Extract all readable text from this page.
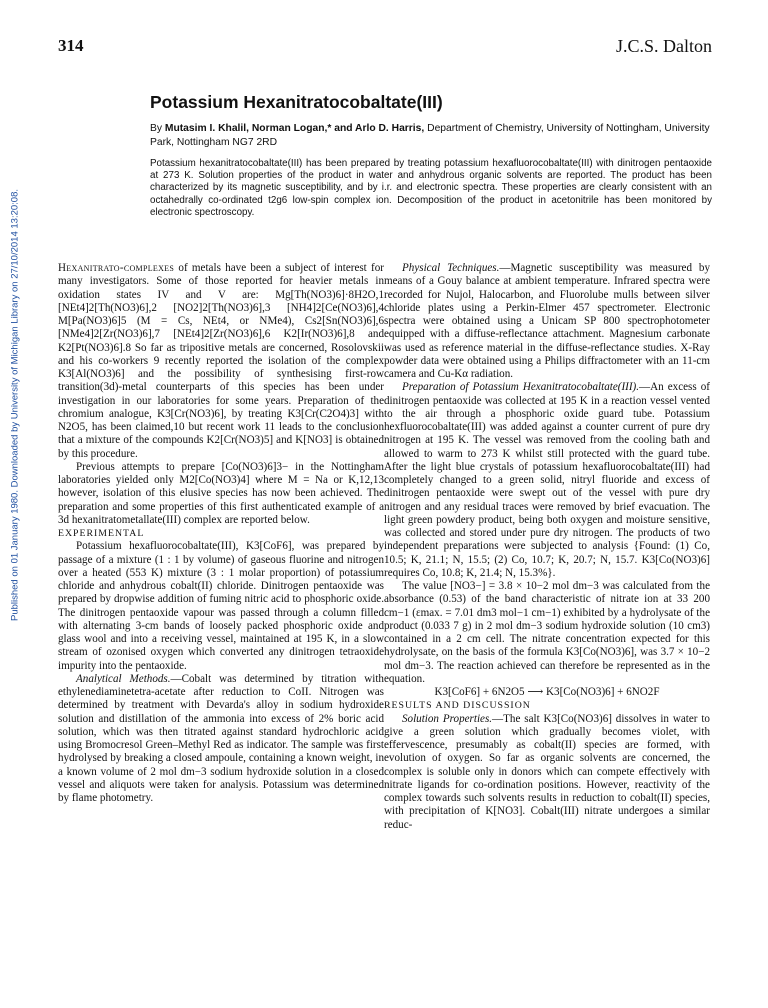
314	J.C.S. Dalton
Published on 01 January 1980. Downloaded by University of Michigan Library on 27/10/2014 13:20:08.
Potassium Hexanitratocobaltate(III)
By Mutasim I. Khalil, Norman Logan,* and Arlo D. Harris, Department of Chemistry, University of Nottingham, University Park, Nottingham NG7 2RD
Potassium hexanitratocobaltate(III) has been prepared by treating potassium hexafluorocobaltate(III) with dinitrogen pentaoxide at 273 K. Solution properties of the product in water and anhydrous organic solvents are reported. The product has been characterized by its magnetic susceptibility, and by i.r. and electronic spectra. These properties are clearly consistent with an octahedrally co-ordinated t2g6 low-spin complex ion. Decomposition of the product in acetonitrile has been monitored by electronic spectroscopy.

Hexanitrato-complexes of metals have been a subject of interest for many investigators. Some of those reported for heavier metals in oxidation states IV and V are: Mg[Th(NO3)6]·8H2O,1 [NEt4]2[Th(NO3)6],2 [NO2]2[Th(NO3)6],3 [NH4]2[Ce(NO3)6],4 M[Pa(NO3)6]5 (M = Cs, NEt4, or NMe4), Cs2[Sn(NO3)6],6 [NMe4]2[Zr(NO3)6],7 [NEt4]2[Zr(NO3)6],6 K2[Ir(NO3)6],8 and K2[Pt(NO3)6].8 So far as tripositive metals are concerned, Rosolovskii and his co-workers 9 recently reported the isolation of the complex K3[Al(NO3)6] and the possibility of synthesising first-row transition(3d)-metal counterparts of this species has been under investigation in our laboratories for some years. Preparation of the chromium analogue, K3[Cr(NO3)6], by treating K3[Cr(C2O4)3] with N2O5, has been claimed,10 but recent work 11 leads to the conclusion that a mixture of the compounds K2[Cr(NO3)5] and K[NO3] is obtained by this procedure.

Previous attempts to prepare [Co(NO3)6]3− in the Nottingham laboratories yielded only M2[Co(NO3)4] where M = Na or K,12,13 however, isolation of this elusive species has now been achieved. The preparation and some properties of this first authenticated example of a 3d hexanitratometallate(III) complex are reported below.

EXPERIMENTAL

Potassium hexafluorocobaltate(III), K3[CoF6], was prepared by passage of a mixture (1 : 1 by volume) of gaseous fluorine and nitrogen over a heated (553 K) mixture (3 : 1 molar proportion) of potassium chloride and anhydrous cobalt(II) chloride. Dinitrogen pentaoxide was prepared by dropwise addition of fuming nitric acid to phosphoric oxide. The dinitrogen pentaoxide vapour was passed through a column filled with alternating 3-cm bands of loosely packed phosphoric oxide and glass wool and into a receiving vessel, maintained at 195 K, in a slow stream of ozonised oxygen which converted any dinitrogen tetraoxide impurity into the pentaoxide.

Analytical Methods.—Cobalt was determined by titration with ethylenediaminetetra-acetate after reduction to CoII. Nitrogen was determined by treatment with Devarda's alloy in sodium hydroxide solution and distillation of the ammonia into excess of 2% boric acid solution, which was then titrated against standard hydrochloric acid using Bromocresol Green–Methyl Red as indicator. The sample was first hydrolysed by breaking a closed ampoule, containing a known weight, in a known volume of 2 mol dm−3 sodium hydroxide solution in a closed vessel and aliquots were taken for analysis. Potassium was determined by flame photometry.

Physical Techniques.—Magnetic susceptibility was measured by means of a Gouy balance at ambient temperature. Infrared spectra were recorded for Nujol, Halocarbon, and Fluorolube mulls between silver chloride plates using a Perkin-Elmer 457 spectrometer. Electronic spectra were obtained using a Unicam SP 800 spectrophotometer equipped with a diffuse-reflectance attachment. Magnesium carbonate was used as reference material in the diffuse-reflectance studies. X-Ray powder data were obtained using a Philips diffractometer with an 11-cm camera and Cu-Kα radiation.

Preparation of Potassium Hexanitratocobaltate(III).—An excess of dinitrogen pentaoxide was collected at 195 K in a reaction vessel vented to the air through a phosphoric oxide guard tube. Potassium hexfluorocobaltate(III) was added against a counter current of pure dry nitrogen at 195 K. The vessel was removed from the cooling bath and allowed to warm to 273 K whilst still protected with the guard tube. After the light blue crystals of potassium hexafluorocobaltate(III) had completely changed to a green solid, nitryl fluoride and excess of dinitrogen pentaoxide were swept out of the vessel with pure dry nitrogen and any residual traces were removed by brief evacuation. The light green powdery product, being both oxygen and moisture sensitive, was collected and stored under pure dry nitrogen. The products of two independent preparations were subjected to analysis {Found: (1) Co, 10.5; K, 21.1; N, 15.5; (2) Co, 10.7; K, 20.7; N, 15.7. K3[Co(NO3)6] requires Co, 10.8; K, 21.4; N, 15.3%}.

The value [NO3−] = 3.8 × 10−2 mol dm−3 was calculated from the absorbance (0.53) of the band characteristic of nitrate ion at 33 200 cm−1 (εmax. = 7.01 dm3 mol−1 cm−1) exhibited by a hydrolysate of the product (0.033 7 g) in 2 mol dm−3 sodium hydroxide solution (10 cm3) contained in a 2 cm cell. The nitrate concentration expected for this hydrolysate, on the basis of the formula K3[Co(NO3)6], was 3.7 × 10−2 mol dm−3. The reaction achieved can therefore be represented as in the equation.

K3[CoF6] + 6N2O5 ⟶ K3[Co(NO3)6] + 6NO2F

RESULTS AND DISCUSSION

Solution Properties.—The salt K3[Co(NO3)6] dissolves in water to give a green solution which gradually becomes violet, with effervescence, presumably as cobalt(II) species are formed, with evolution of oxygen. So far as organic solvents are concerned, the complex is soluble only in donors which can compete effectively with nitrate ligands for co-ordination positions. However, reactivity of the complex towards such solvents results in reduction to cobalt(II) species, with precipitation of K[NO3]. Cobalt(III) nitrate undergoes a similar reduc-
